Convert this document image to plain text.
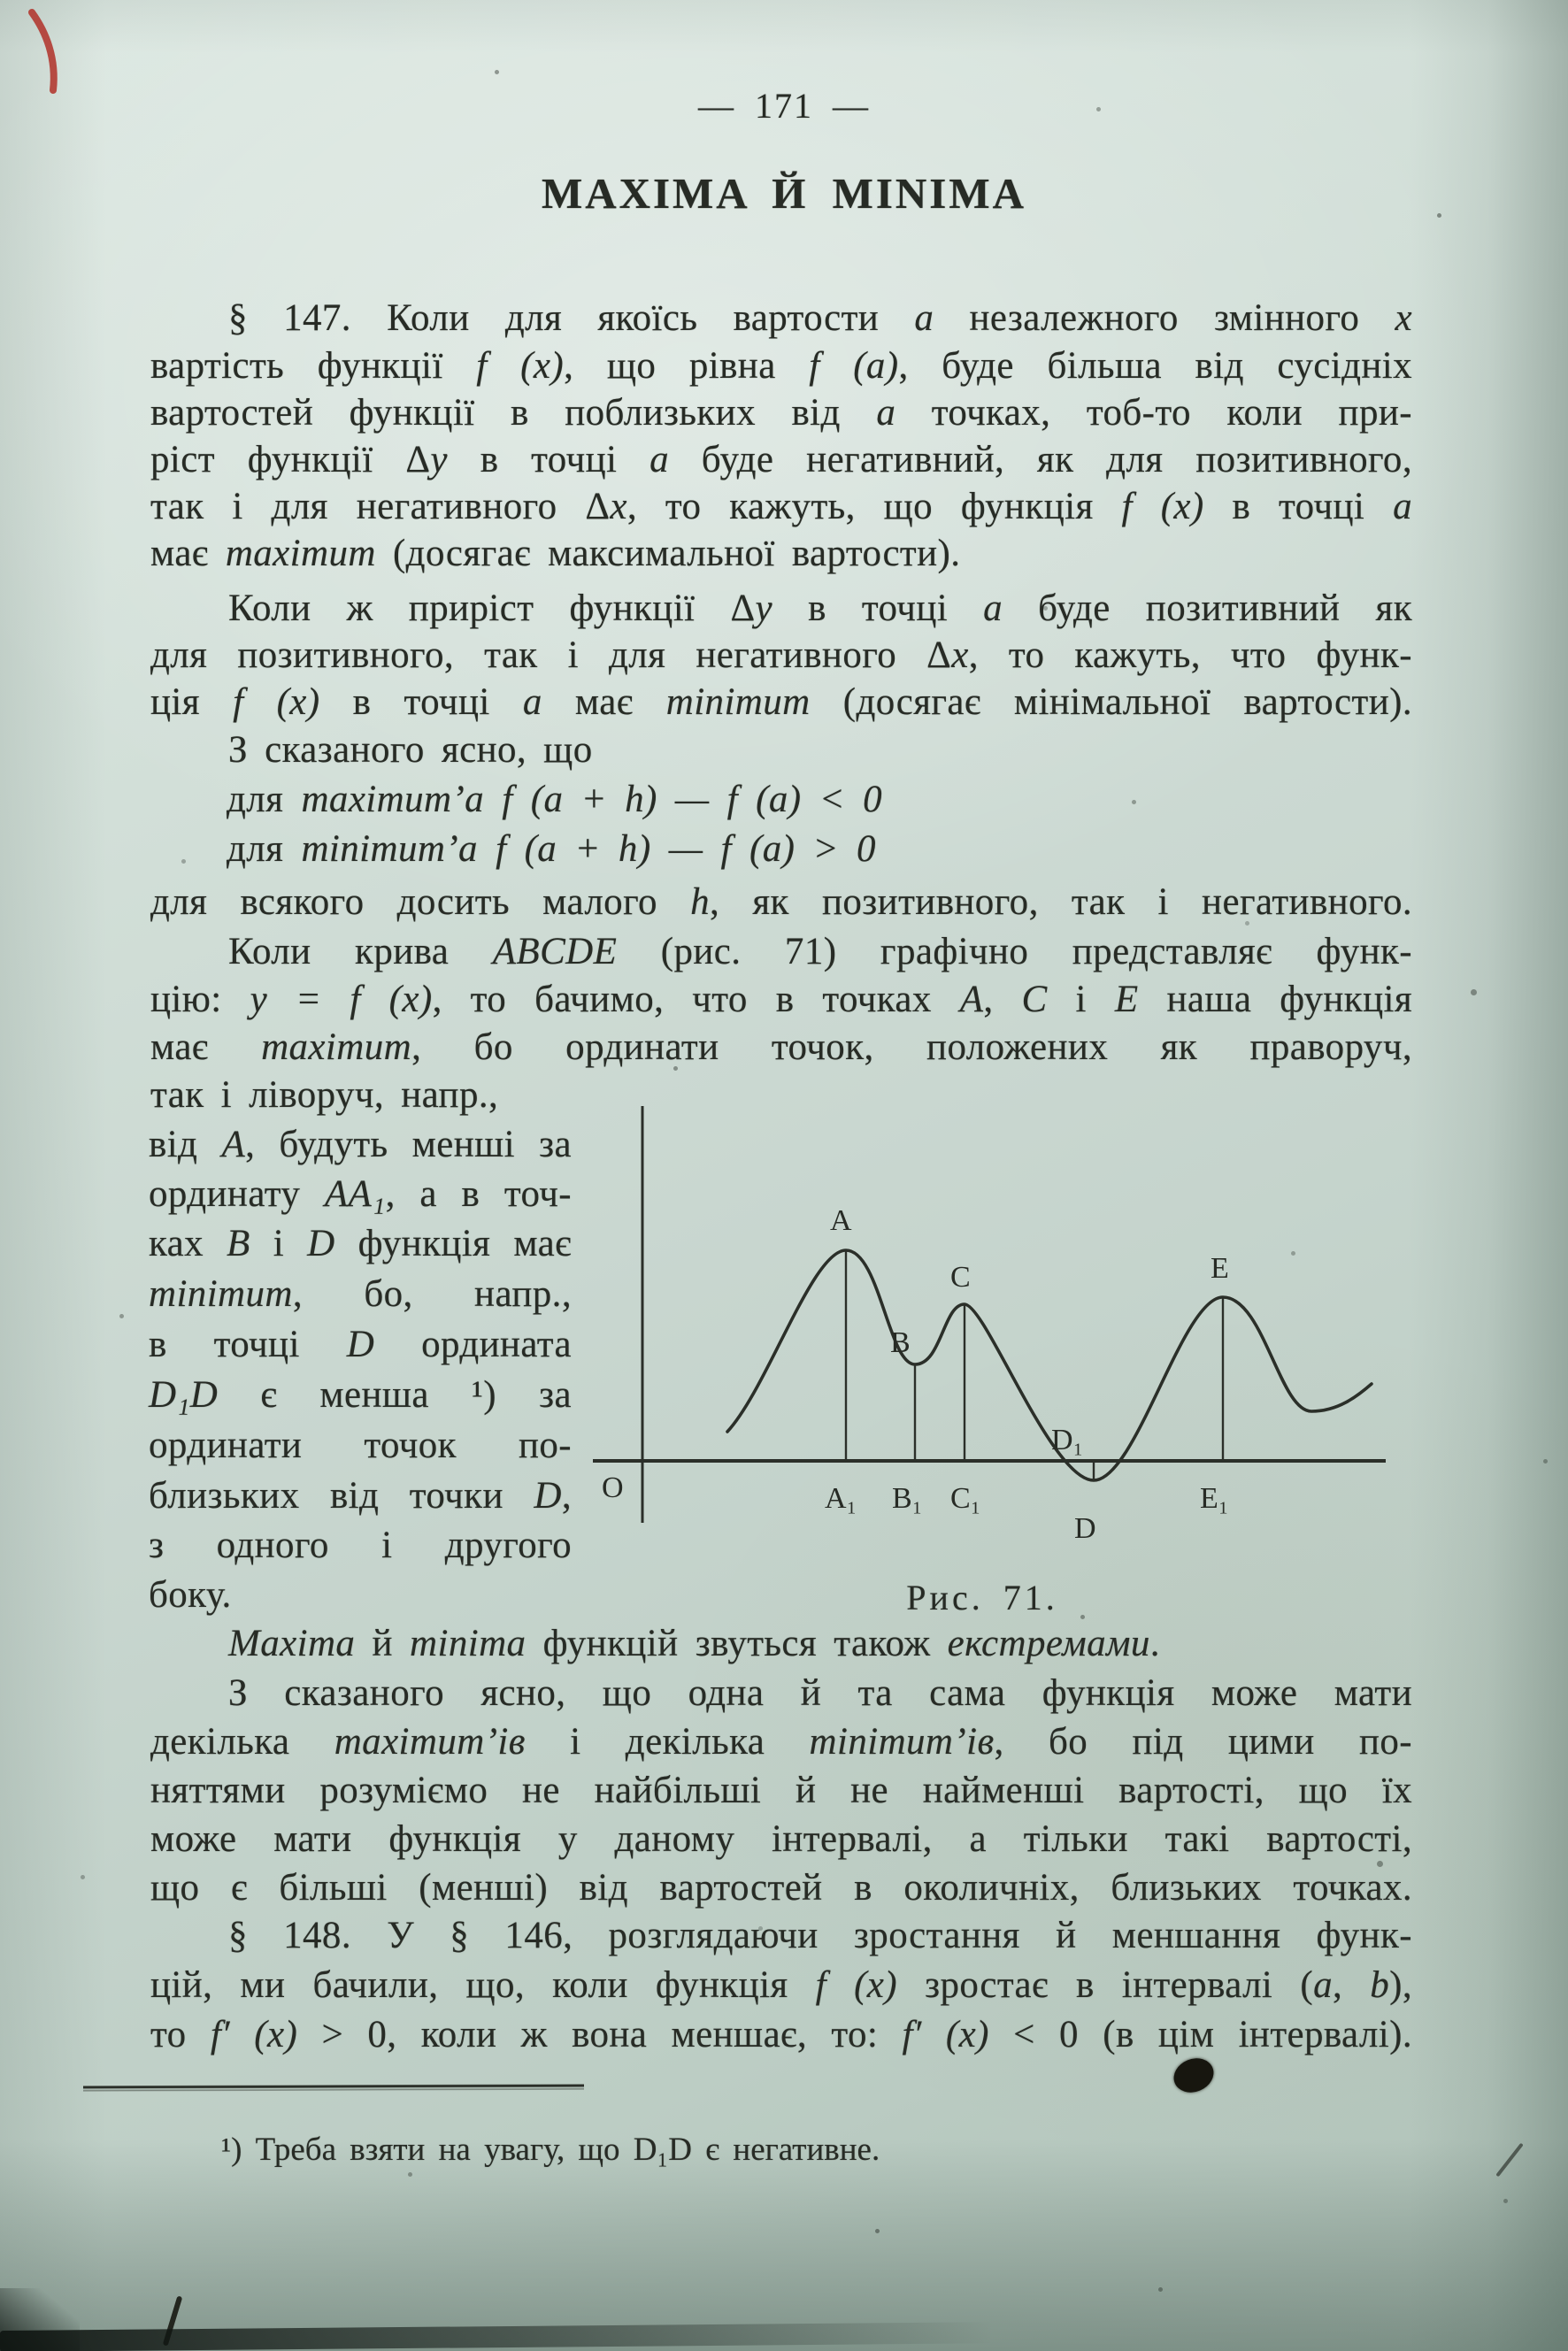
— 171 —
MAXIMA Й MINIMA
§ 147. Коли для якоїсь вартости a незалежного змінного x
вартість функції f (x), що рівна f (a), буде більша від сусідніх
вартостей функції в поблизьких від a точках, тоб-то коли при-
ріст функції Δy в точці a буде негативний, як для позитивного,
так і для негативного Δx, то кажуть, що функція f (x) в точці a
має maximum (досягає максимальної вартости).
Коли ж приріст функції Δy в точці a буде позитивний як
для позитивного, так і для негативного Δx, то кажуть, что функ-
ція f (x) в точці a має minimum (досягає мінімальної вартости).
З сказаного ясно, що
для maximum’a f (a + h) — f (a) < 0
для minimum’a f (a + h) — f (a) > 0
для всякого досить малого h, як позитивного, так і негативного.
Коли крива ABCDE (рис. 71) графічно представляє функ-
цію: y = f (x), то бачимо, что в точках A, C і E наша функція
має maximum, бо ординати точок, положених як праворуч,
так і ліворуч, напр.,
від A, будуть менші за
ординату AA₁, а в точ-
ках B і D функція має
minimum, бо, напр.,
в точці D ордината
D₁D є менша ¹) за
ординати точок по-
близьких від точки D,
з одного і другого
боку.
O
A
B
C	E
D₁
D
A₁ B₁ C₁	E₁
Рис. 71.
Maxima й minima функцій звуться також екстремами.
З сказаного ясно, що одна й та сама функція може мати
декілька maximum’ів і декілька minimum’ів, бо під цими по-
няттями розуміємо не найбільші й не найменші вартості, що їх
може мати функція у даному інтервалі, а тільки такі вартості,
що є більші (менші) від вартостей в околичніх, близьких точках.
§ 148. У § 146, розглядаючи зростання й меншання функ-
цій, ми бачили, що, коли функція f (x) зростає в інтервалі (a, b),
то f′ (x) > 0, коли ж вона меншає, то: f′ (x) < 0 (в цім інтервалі).
¹) Треба взяти на увагу, що D₁D є негативне.
